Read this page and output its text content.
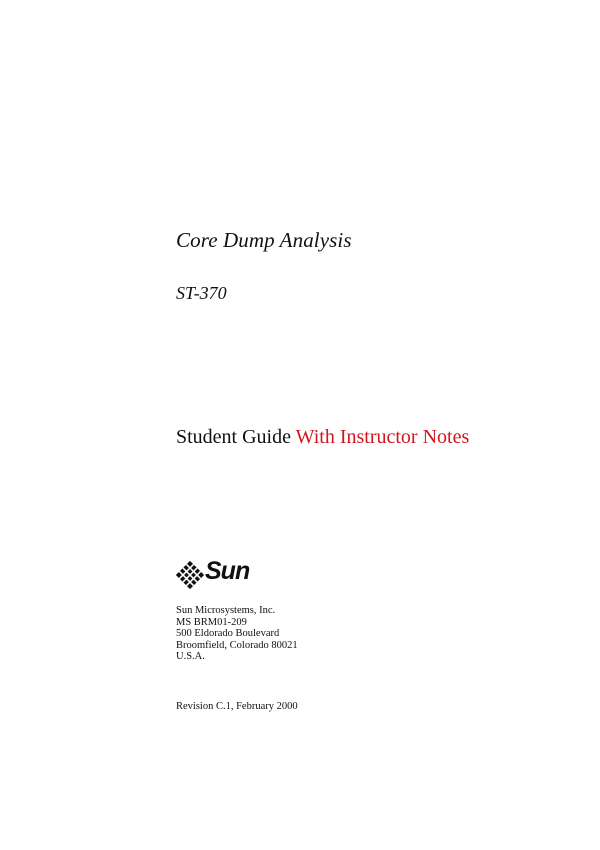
Core Dump Analysis
ST-370
Student Guide With Instructor Notes
Sun
Sun Microsystems, Inc.
MS BRM01-209
500 Eldorado Boulevard
Broomfield, Colorado 80021
U.S.A.
Revision C.1, February 2000
